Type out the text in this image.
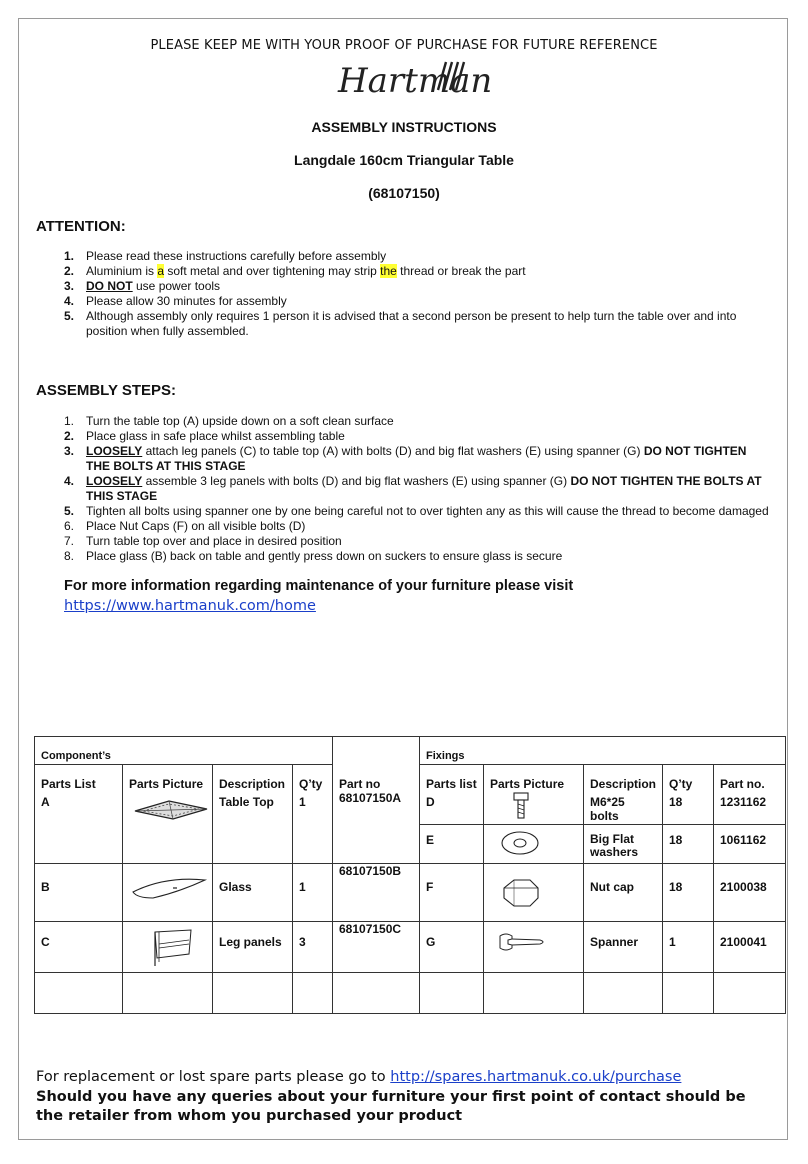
PLEASE KEEP ME WITH YOUR PROOF OF PURCHASE FOR FUTURE REFERENCE
Hartman
ASSEMBLY INSTRUCTIONS
Langdale 160cm Triangular Table
(68107150)
ATTENTION:
1. Please read these instructions carefully before assembly
2. Aluminium is a soft metal and over tightening may strip the thread or break the part
3. DO NOT use power tools
4. Please allow 30 minutes for assembly
5. Although assembly only requires 1 person it is advised that a second person be present to help turn the table over and into position when fully assembled.
ASSEMBLY STEPS:
1. Turn the table top (A) upside down on a soft clean surface
2. Place glass in safe place whilst assembling table
3. LOOSELY attach leg panels (C) to table top (A) with bolts (D) and big flat washers (E) using spanner (G) DO NOT TIGHTEN THE BOLTS AT THIS STAGE
4. LOOSELY assemble 3 leg panels with bolts (D) and big flat washers (E) using spanner (G) DO NOT TIGHTEN THE BOLTS AT THIS STAGE
5. Tighten all bolts using spanner one by one being careful not to over tighten any as this will cause the thread to become damaged
6. Place Nut Caps (F) on all visible bolts (D)
7. Turn table top over and place in desired position
8. Place glass (B) back on table and gently press down on suckers to ensure glass is secure
For more information regarding maintenance of your furniture please visit
https://www.hartmanuk.com/home
Component’s					Fixings				
Parts List	Parts Picture	Description	Q’ty	Part no	Parts list	Parts Picture	Description	Q’ty	Part no.
A		Table Top	1	68107150A	D		M6*25 bolts	18	1231162
					E		Big Flat washers	18	1061162
B		Glass	1	68107150B	F		Nut cap	18	2100038
C		Leg panels	3	68107150C	G		Spanner	1	2100041

For replacement or lost spare parts please go to http://spares.hartmanuk.co.uk/purchase
Should you have any queries about your furniture your first point of contact should be the retailer from whom you purchased your product
